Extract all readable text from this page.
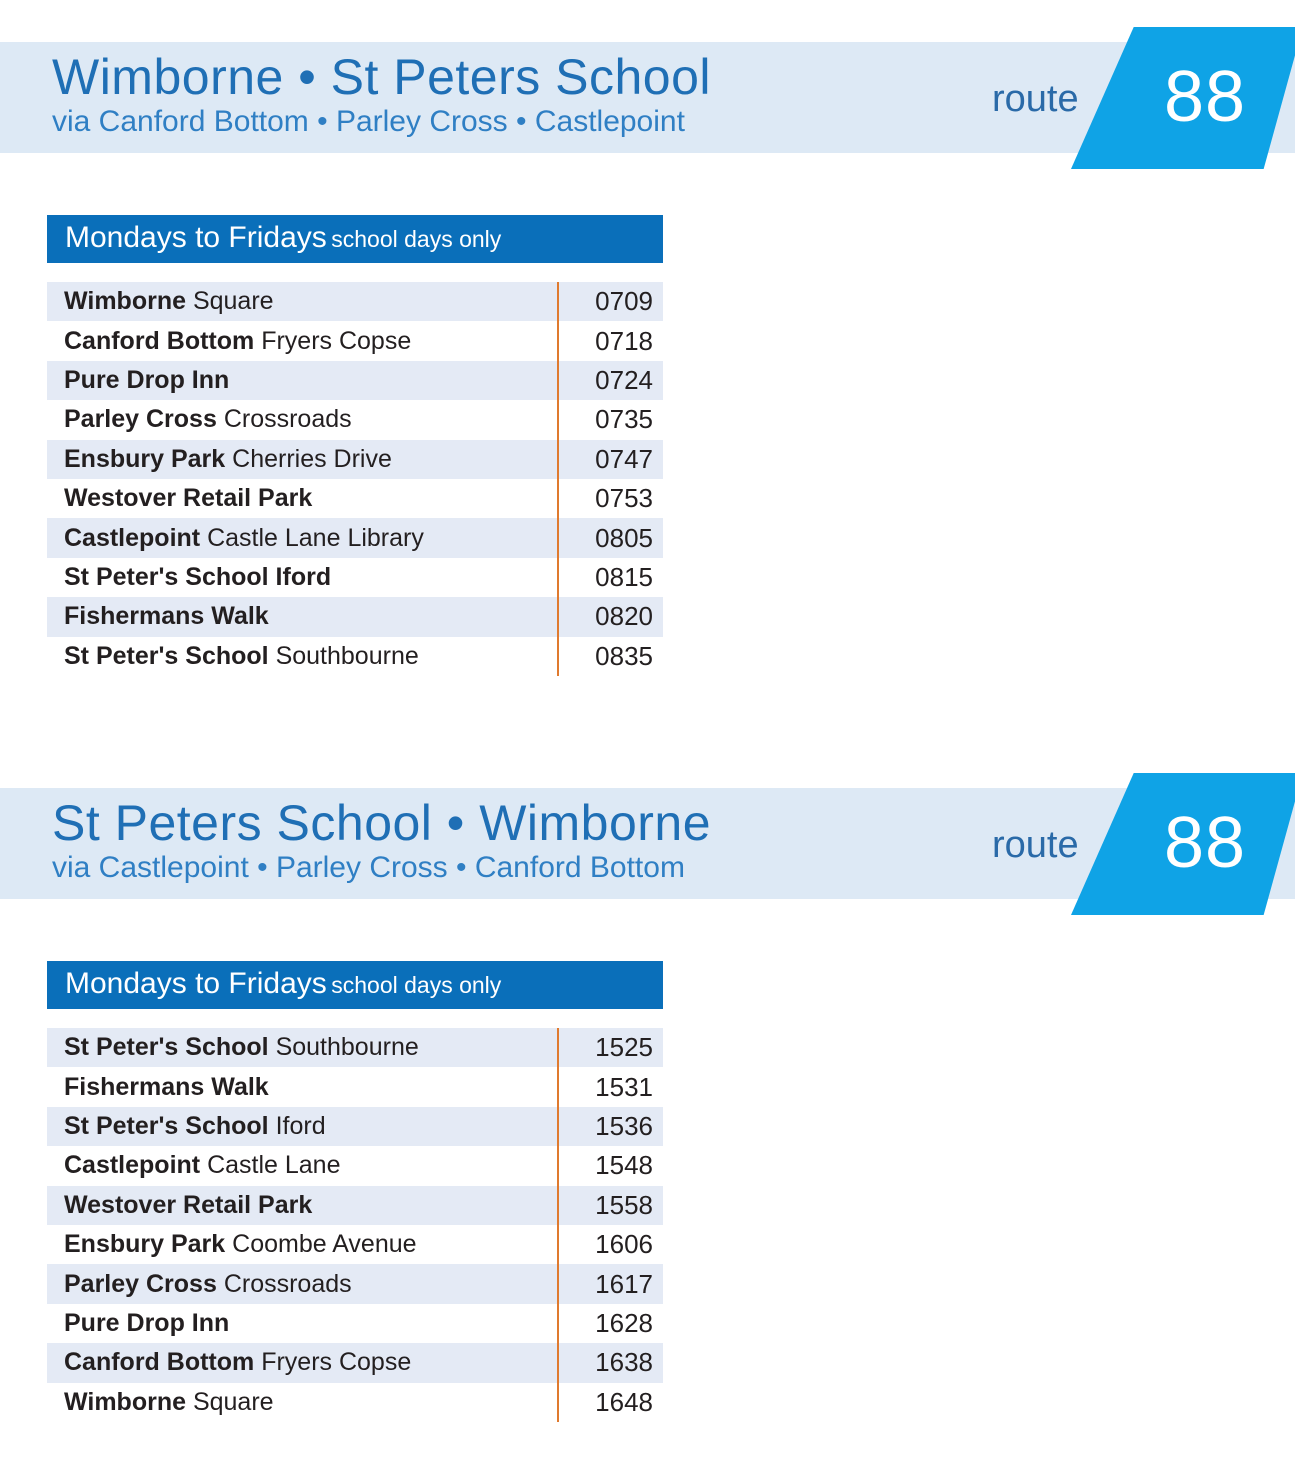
Wimborne • St Peters School
via Canford Bottom • Parley Cross • Castlepoint
route 88
Mondays to Fridays school days only
Wimborne Square	0709
Canford Bottom Fryers Copse	0718
Pure Drop Inn	0724
Parley Cross Crossroads	0735
Ensbury Park Cherries Drive	0747
Westover Retail Park	0753
Castlepoint Castle Lane Library	0805
St Peter's School Iford	0815
Fishermans Walk	0820
St Peter's School Southbourne	0835
St Peters School • Wimborne
via Castlepoint • Parley Cross • Canford Bottom
route 88
Mondays to Fridays school days only
St Peter's School Southbourne	1525
Fishermans Walk	1531
St Peter's School Iford	1536
Castlepoint Castle Lane	1548
Westover Retail Park	1558
Ensbury Park Coombe Avenue	1606
Parley Cross Crossroads	1617
Pure Drop Inn	1628
Canford Bottom Fryers Copse	1638
Wimborne Square	1648
